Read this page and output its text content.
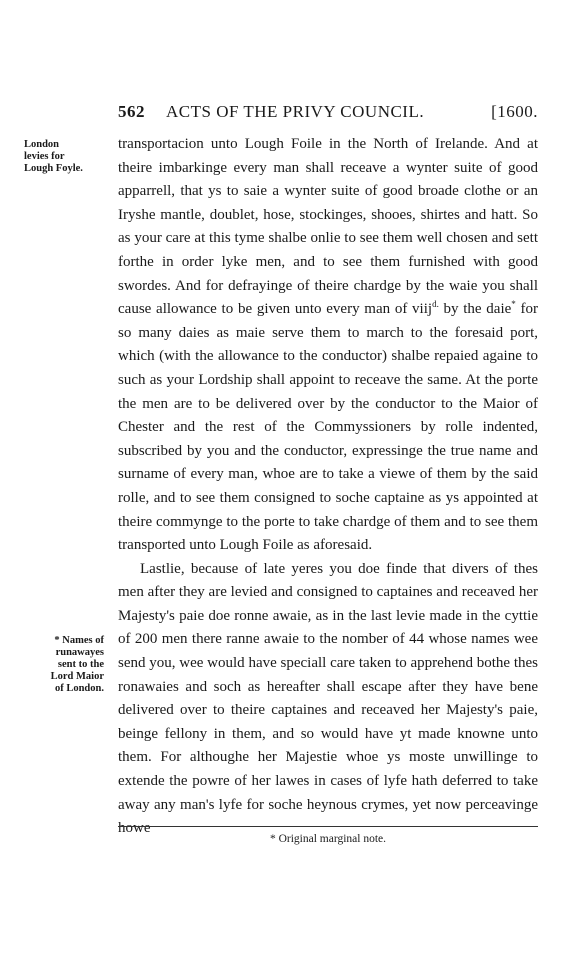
562 ACTS OF THE PRIVY COUNCIL.	[1600.
London
levies for
Lough Foyle.
* Names of
runawayes
sent to the
Lord Maior
of London.

transportacion unto Lough Foile in the North of Irelande. And at theire imbarkinge every man shall receave a wynter suite of good apparrell, that ys to saie a wynter suite of good broade clothe or an Iryshe mantle, doublet, hose, stockinges, shooes, shirtes and hatt. So as your care at this tyme shalbe onlie to see them well chosen and sett forthe in order lyke men, and to see them furnished with good swordes. And for defrayinge of theire chardge by the waie you shall cause allowance to be given unto every man of viij$^{d.}$ by the daie* for so many daies as maie serve them to march to the foresaid port, which (with the allowance to the conductor) shalbe repaied againe to such as your Lordship shall appoint to receave the same. At the porte the men are to be delivered over by the conductor to the Maior of Chester and the rest of the Commyssioners by rolle indented, subscribed by you and the conductor, expressinge the true name and surname of every man, whoe are to take a viewe of them by the said rolle, and to see them consigned to soche captaine as ys appointed at theire commynge to the porte to take chardge of them and to see them transported unto Lough Foile as aforesaid.

Lastlie, because of late yeres you doe finde that divers of thes men after they are levied and consigned to captaines and receaved her Majesty's paie doe ronne awaie, as in the last levie made in the cyttie of 200 men there ranne awaie to the nomber of 44 whose names wee send you, wee would have speciall care taken to apprehend bothe thes ronawaies and soch as hereafter shall escape after they have bene delivered over to theire captaines and receaved her Majesty's paie, beinge fellony in them, and so would have yt made knowne unto them. For althoughe her Majestie whoe ys moste unwillinge to extende the powre of her lawes in cases of lyfe hath deferred to take away any man's lyfe for soche heynous crymes, yet now perceavinge howe

* Original marginal note.
